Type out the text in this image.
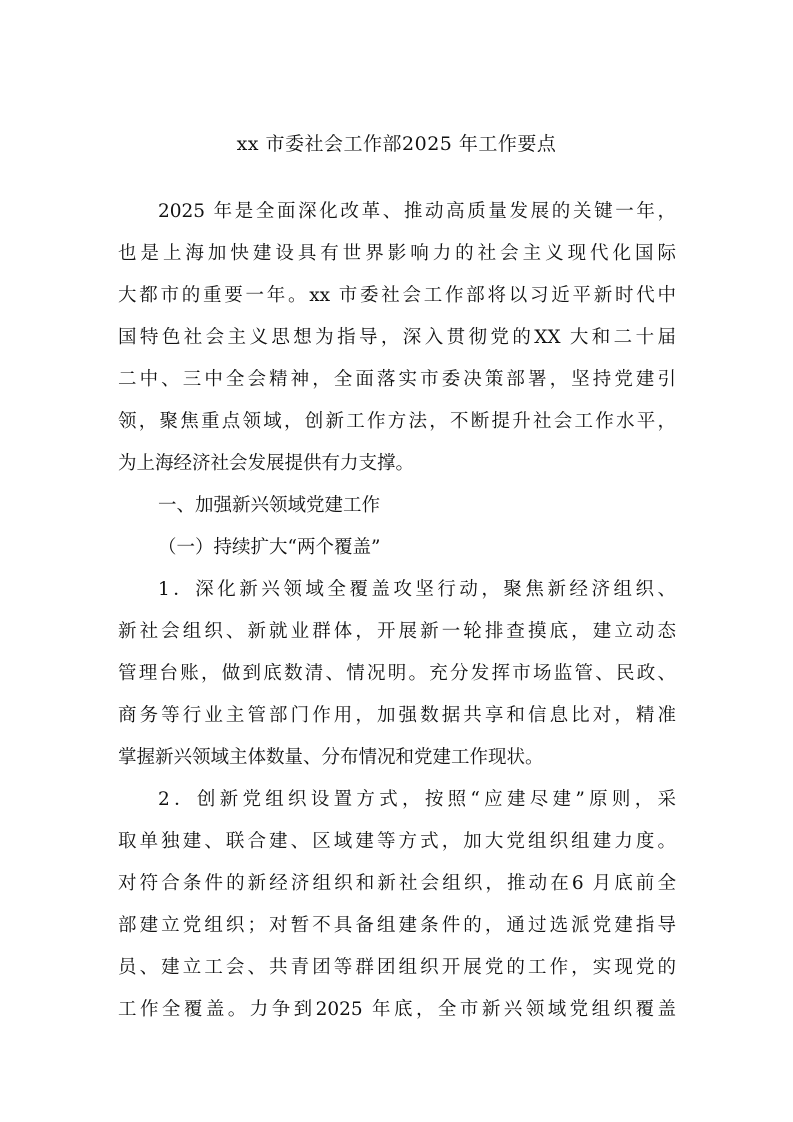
xx 市委社会工作部2025 年工作要点
2025 年是全面深化改革、推动高质量发展的关键一年，
也是上海加快建设具有世界影响力的社会主义现代化国际
大都市的重要一年。xx 市委社会工作部将以习近平新时代中
国特色社会主义思想为指导，深入贯彻党的XX 大和二十届
二中、三中全会精神，全面落实市委决策部署，坚持党建引
领，聚焦重点领域，创新工作方法，不断提升社会工作水平，
为上海经济社会发展提供有力支撑。
一、加强新兴领域党建工作
（一）持续扩大“两个覆盖”
1．深化新兴领域全覆盖攻坚行动，聚焦新经济组织、
新社会组织、新就业群体，开展新一轮排查摸底，建立动态
管理台账，做到底数清、情况明。充分发挥市场监管、民政、
商务等行业主管部门作用，加强数据共享和信息比对，精准
掌握新兴领域主体数量、分布情况和党建工作现状。
2．创新党组织设置方式，按照“应建尽建”原则，采
取单独建、联合建、区域建等方式，加大党组织组建力度。
对符合条件的新经济组织和新社会组织，推动在6 月底前全
部建立党组织；对暂不具备组建条件的，通过选派党建指导
员、建立工会、共青团等群团组织开展党的工作，实现党的
工作全覆盖。力争到2025 年底，全市新兴领域党组织覆盖
